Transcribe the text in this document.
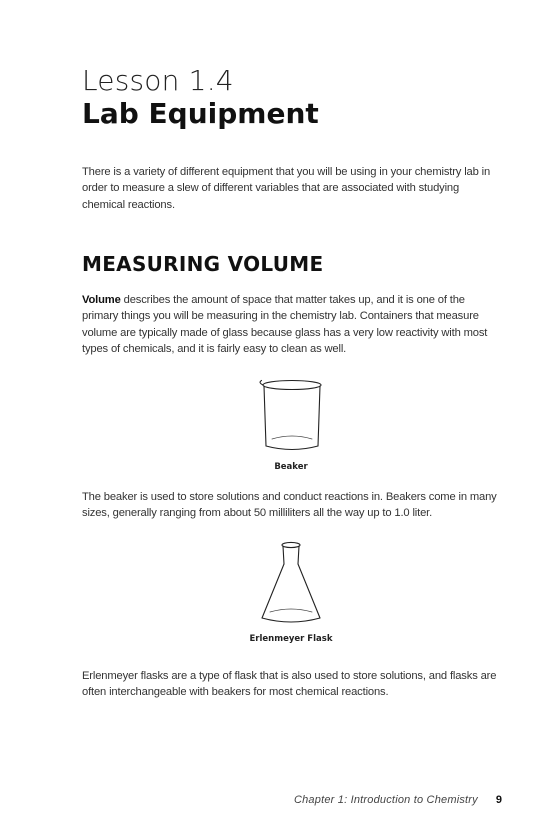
Lesson 1.4
Lab Equipment

There is a variety of different equipment that you will be using in your chemistry lab in order to measure a slew of different variables that are associated with studying chemical reactions.

MEASURING VOLUME

Volume describes the amount of space that matter takes up, and it is one of the primary things you will be measuring in the chemistry lab. Containers that measure volume are typically made of glass because glass has a very low reactivity with most types of chemicals, and it is fairly easy to clean as well.

Beaker

The beaker is used to store solutions and conduct reactions in. Beakers come in many sizes, generally ranging from about 50 milliliters all the way up to 1.0 liter.

Erlenmeyer Flask

Erlenmeyer flasks are a type of flask that is also used to store solutions, and flasks are often interchangeable with beakers for most chemical reactions.

Chapter 1: Introduction to Chemistry 9
